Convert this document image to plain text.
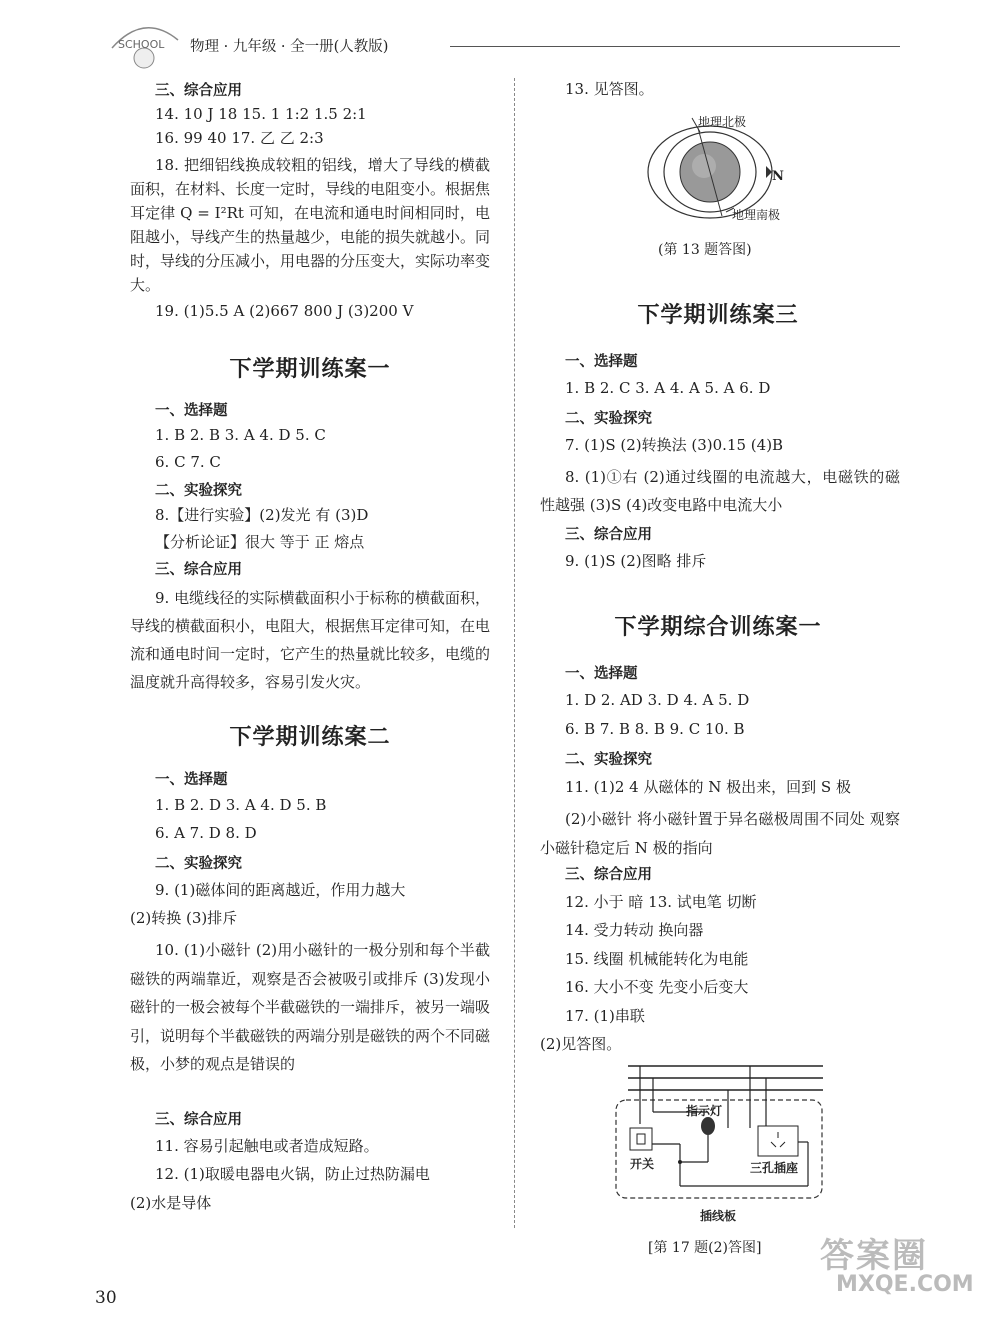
SCHOOL 物理 · 九年级 · 全一册(人教版)
三、综合应用
14. 10 J 18 15. 1 1:2 1.5 2:1
16. 99 40 17. 乙 乙 2:3
18. 把细铝线换成较粗的铝线，增大了导线的横截面积，在材料、长度一定时，导线的电阻变小。根据焦耳定律 Q = I²Rt 可知，在电流和通电时间相同时，电阻越小，导线产生的热量越少，电能的损失就越小。同时，导线的分压减小，用电器的分压变大，实际功率变大。
19. (1)5.5 A (2)667 800 J (3)200 V
下学期训练案一
一、选择题
1. B 2. B 3. A 4. D 5. C
6. C 7. C
二、实验探究
8.【进行实验】(2)发光 有 (3)D
【分析论证】很大 等于 正 熔点
三、综合应用
9. 电缆线径的实际横截面积小于标称的横截面积，导线的横截面积小，电阻大，根据焦耳定律可知，在电流和通电时间一定时，它产生的热量就比较多，电缆的温度就升高得较多，容易引发火灾。
下学期训练案二
一、选择题
1. B 2. D 3. A 4. D 5. B
6. A 7. D 8. D
二、实验探究
9. (1)磁体间的距离越近，作用力越大
(2)转换 (3)排斥
10. (1)小磁针 (2)用小磁针的一极分别和每个半截磁铁的两端靠近，观察是否会被吸引或排斥 (3)发现小磁针的一极会被每个半截磁铁的一端排斥，被另一端吸引，说明每个半截磁铁的两端分别是磁铁的两个不同磁极，小梦的观点是错误的
三、综合应用
11. 容易引起触电或者造成短路。
12. (1)取暖电器电火锅，防止过热防漏电
(2)水是导体
13. 见答图。
地理北极
地理南极
N
(第 13 题答图)
下学期训练案三
一、选择题
1. B 2. C 3. A 4. A 5. A 6. D
二、实验探究
7. (1)S (2)转换法 (3)0.15 (4)B
8. (1)①右 (2)通过线圈的电流越大，电磁铁的磁性越强 (3)S (4)改变电路中电流大小
三、综合应用
9. (1)S (2)图略 排斥
下学期综合训练案一
一、选择题
1. D 2. AD 3. D 4. A 5. D
6. B 7. B 8. B 9. C 10. B
二、实验探究
11. (1)2 4 从磁体的 N 极出来，回到 S 极
(2)小磁针 将小磁针置于异名磁极周围不同处 观察小磁针稳定后 N 极的指向
三、综合应用
12. 小于 暗 13. 试电笔 切断
14. 受力转动 换向器
15. 线圈 机械能转化为电能
16. 大小不变 先变小后变大
17. (1)串联
(2)见答图。
指示灯
开关	三孔插座
插线板
[第 17 题(2)答图] 答案圈
MXQE.COM
30
